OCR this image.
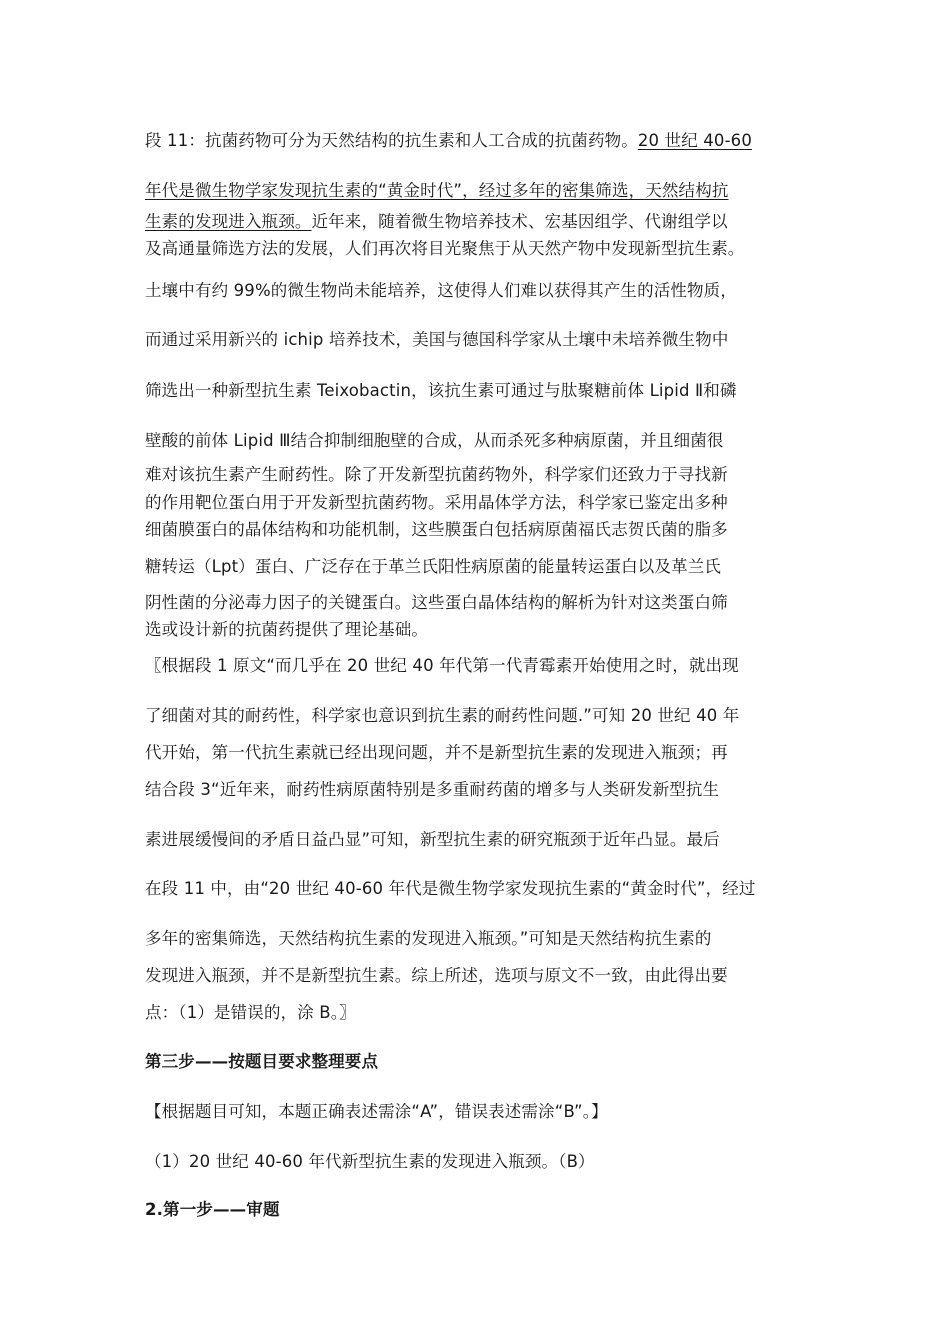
段 11：抗菌药物可分为天然结构的抗生素和人工合成的抗菌药物。20 世纪 40-60
年代是微生物学家发现抗生素的“黄金时代”，经过多年的密集筛选，天然结构抗
生素的发现进入瓶颈。近年来，随着微生物培养技术、宏基因组学、代谢组学以
及高通量筛选方法的发展，人们再次将目光聚焦于从天然产物中发现新型抗生素。
土壤中有约 99%的微生物尚未能培养，这使得人们难以获得其产生的活性物质，
而通过采用新兴的 ichip 培养技术，美国与德国科学家从土壤中未培养微生物中
筛选出一种新型抗生素 Teixobactin，该抗生素可通过与肽聚糖前体 Lipid Ⅱ和磷
壁酸的前体 Lipid Ⅲ结合抑制细胞壁的合成，从而杀死多种病原菌，并且细菌很
难对该抗生素产生耐药性。除了开发新型抗菌药物外，科学家们还致力于寻找新
的作用靶位蛋白用于开发新型抗菌药物。采用晶体学方法，科学家已鉴定出多种
细菌膜蛋白的晶体结构和功能机制，这些膜蛋白包括病原菌福氏志贺氏菌的脂多
糖转运（Lpt）蛋白、广泛存在于革兰氏阳性病原菌的能量转运蛋白以及革兰氏
阴性菌的分泌毒力因子的关键蛋白。这些蛋白晶体结构的解析为针对这类蛋白筛
选或设计新的抗菌药提供了理论基础。
〖根据段 1 原文“而几乎在 20 世纪 40 年代第一代青霉素开始使用之时，就出现
了细菌对其的耐药性，科学家也意识到抗生素的耐药性问题.”可知 20 世纪 40 年
代开始，第一代抗生素就已经出现问题，并不是新型抗生素的发现进入瓶颈；再
结合段 3“近年来，耐药性病原菌特别是多重耐药菌的增多与人类研发新型抗生
素进展缓慢间的矛盾日益凸显”可知，新型抗生素的研究瓶颈于近年凸显。最后
在段 11 中，由“20 世纪 40-60 年代是微生物学家发现抗生素的“黄金时代”，经过
多年的密集筛选，天然结构抗生素的发现进入瓶颈。”可知是天然结构抗生素的
发现进入瓶颈，并不是新型抗生素。综上所述，选项与原文不一致，由此得出要
点：（1）是错误的，涂 B。〗
第三步——按题目要求整理要点
【根据题目可知，本题正确表述需涂“A”，错误表述需涂“B”。】
（1）20 世纪 40-60 年代新型抗生素的发现进入瓶颈。（B）
2.第一步——审题
